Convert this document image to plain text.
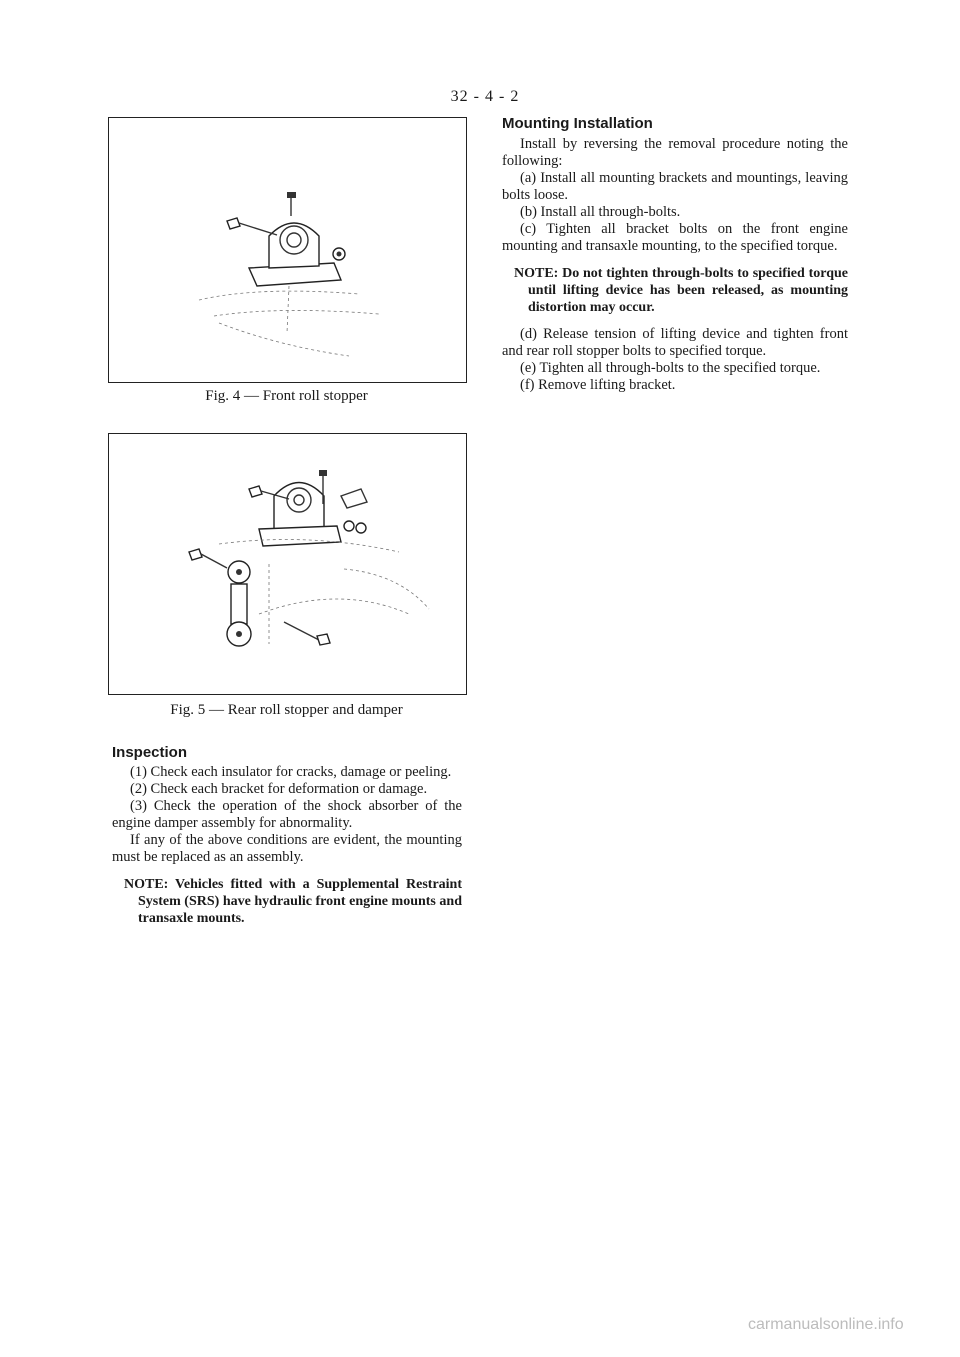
32 - 4 - 2
Fig. 4 — Front roll stopper
Fig. 5 — Rear roll stopper and damper
Inspection

(1) Check each insulator for cracks, damage or peeling.

(2) Check each bracket for deformation or damage.

(3) Check the operation of the shock absorber of the engine damper assembly for abnormality.

If any of the above conditions are evident, the mounting must be replaced as an assembly.

NOTE: Vehicles fitted with a Supplemental Restraint System (SRS) have hydraulic front engine mounts and transaxle mounts.

Mounting Installation

Install by reversing the removal procedure noting the following:

(a) Install all mounting brackets and mountings, leaving bolts loose.

(b) Install all through-bolts.

(c) Tighten all bracket bolts on the front engine mounting and transaxle mounting, to the specified torque.

NOTE: Do not tighten through-bolts to specified torque until lifting device has been released, as mounting distortion may occur.

(d) Release tension of lifting device and tighten front and rear roll stopper bolts to specified torque.

(e) Tighten all through-bolts to the specified torque.

(f) Remove lifting bracket.

carmanualsonline.info
